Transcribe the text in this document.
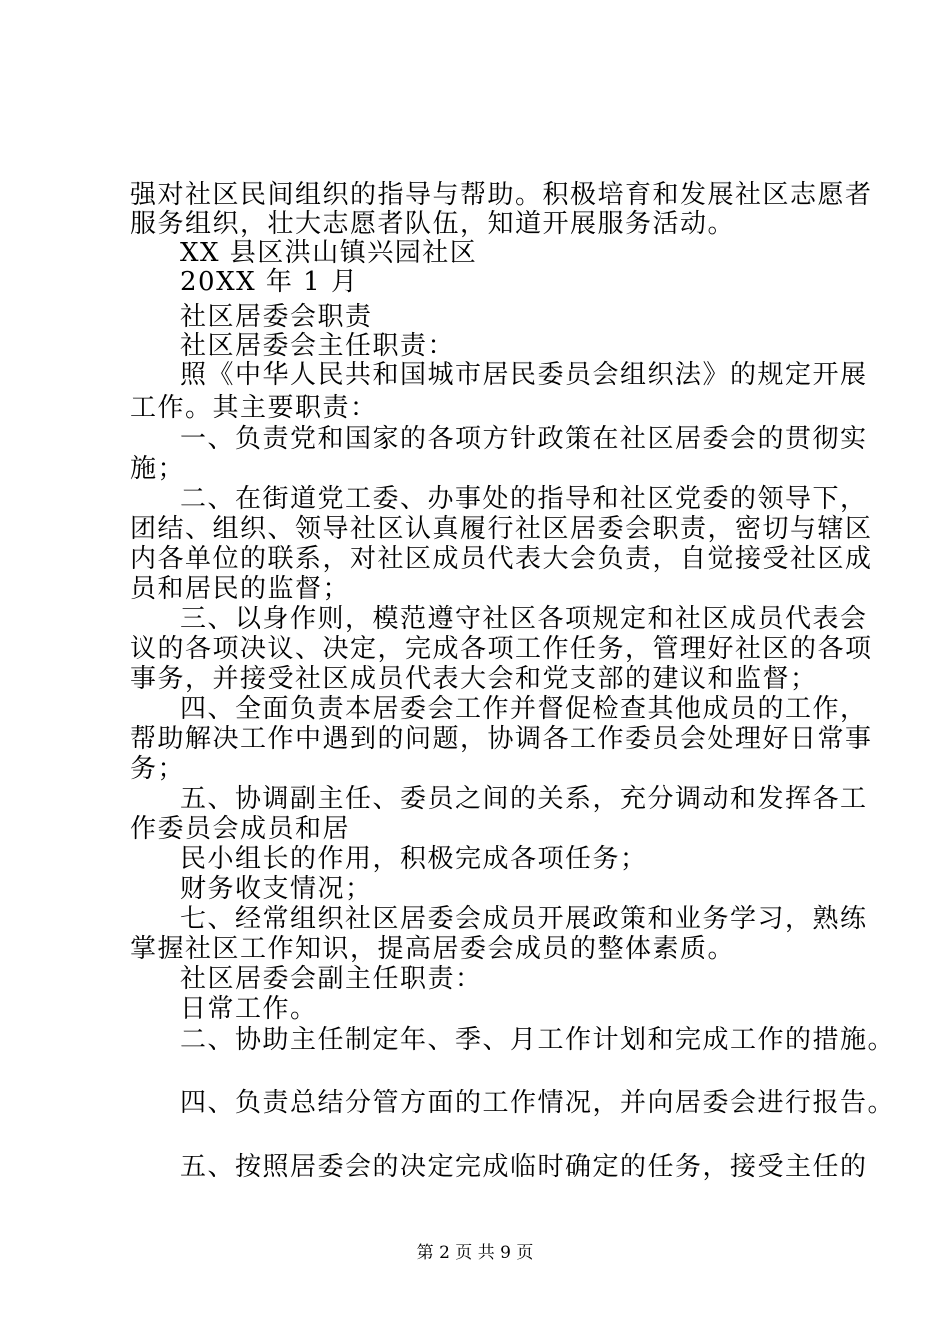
强对社区民间组织的指导与帮助。积极培育和发展社区志愿者
服务组织，壮大志愿者队伍，知道开展服务活动。
XX 县区洪山镇兴园社区
20XX 年 1 月
社区居委会职责
社区居委会主任职责：
照《中华人民共和国城市居民委员会组织法》的规定开展
工作。其主要职责：
一、负责党和国家的各项方针政策在社区居委会的贯彻实
施；
二、在街道党工委、办事处的指导和社区党委的领导下，
团结、组织、领导社区认真履行社区居委会职责，密切与辖区
内各单位的联系，对社区成员代表大会负责，自觉接受社区成
员和居民的监督；
三、以身作则，模范遵守社区各项规定和社区成员代表会
议的各项决议、决定，完成各项工作任务，管理好社区的各项
事务，并接受社区成员代表大会和党支部的建议和监督；
四、全面负责本居委会工作并督促检查其他成员的工作，
帮助解决工作中遇到的问题，协调各工作委员会处理好日常事
务；
五、协调副主任、委员之间的关系，充分调动和发挥各工
作委员会成员和居
民小组长的作用，积极完成各项任务；
财务收支情况；
七、经常组织社区居委会成员开展政策和业务学习，熟练
掌握社区工作知识，提高居委会成员的整体素质。
社区居委会副主任职责：
日常工作。
二、协助主任制定年、季、月工作计划和完成工作的措施。
四、负责总结分管方面的工作情况，并向居委会进行报告。
五、按照居委会的决定完成临时确定的任务，接受主任的
第 2 页 共 9 页
